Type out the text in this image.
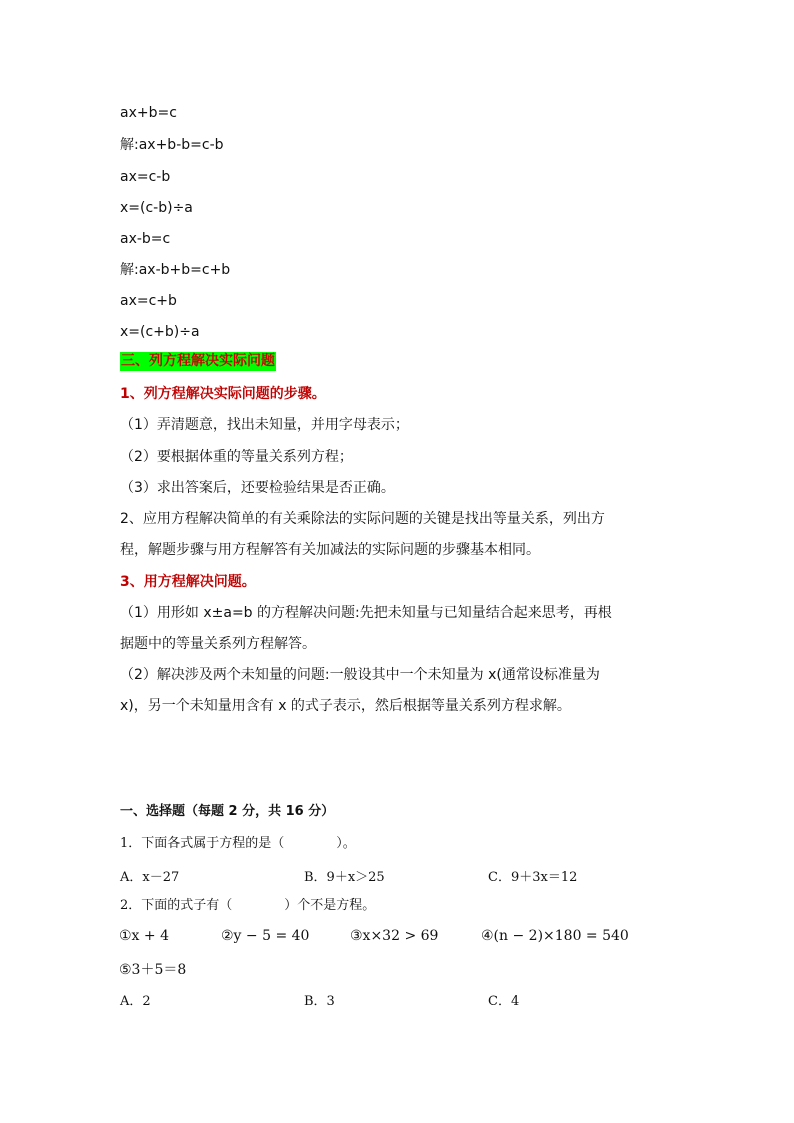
ax+b=c
解:ax+b-b=c-b
ax=c-b
x=(c-b)÷a
ax-b=c
解:ax-b+b=c+b
ax=c+b
x=(c+b)÷a
三、列方程解决实际问题
1、列方程解决实际问题的步骤。
（1）弄清题意，找出未知量，并用字母表示；
（2）要根据体重的等量关系列方程；
（3）求出答案后，还要检验结果是否正确。
2、应用方程解决简单的有关乘除法的实际问题的关键是找出等量关系，列出方
程，解题步骤与用方程解答有关加减法的实际问题的步骤基本相同。
3、用方程解决问题。
（1）用形如 x±a=b 的方程解决问题:先把未知量与已知量结合起来思考，再根
据题中的等量关系列方程解答。
（2）解决涉及两个未知量的问题:一般设其中一个未知量为 x(通常设标准量为
x)，另一个未知量用含有 x 的式子表示，然后根据等量关系列方程求解。
一、选择题（每题 2 分，共 16 分）
1．下面各式属于方程的是（　　　　）。
A．x－27	B．9＋x＞25	C．9＋3x＝12
2．下面的式子有（　　　　）个不是方程。
①x + 4	②y − 5 = 40	③x×32 > 69	④(n − 2)×180 = 540
⑤3＋5＝8
A．2	B．3	C．4
